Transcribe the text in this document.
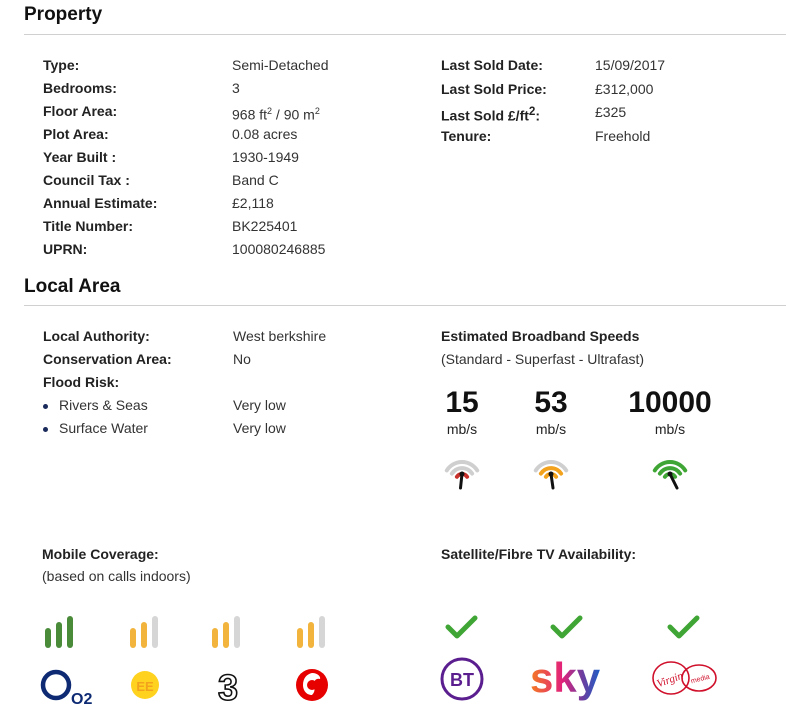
Property
Type:	Semi-Detached
Bedrooms:	3
Floor Area:	968 $ft^2 / 90$ $m^2$
Plot Area:	0.08 acres
Year Built :	1930-1949
Council Tax :	Band C
Annual Estimate:	£2,118
Title Number:	BK225401
UPRN:	100080246885
Last Sold Date:	15/09/2017
Last Sold Price:	£312,000
Last Sold $£/ft^2$:	£325
Tenure:	Freehold
Local Area
Local Authority:	West berkshire
Conservation Area:	No
Flood Risk:
Rivers & Seas	Very low
Surface Water	Very low
Estimated Broadband Speeds
(Standard - Superfast - Ultrafast)
15
mb/s
53
mb/s
10000
mb/s
Mobile Coverage:
(based on calls indoors)
O2
EE 3
Satellite/Fibre TV Availability:
BT sky	Virgin media
